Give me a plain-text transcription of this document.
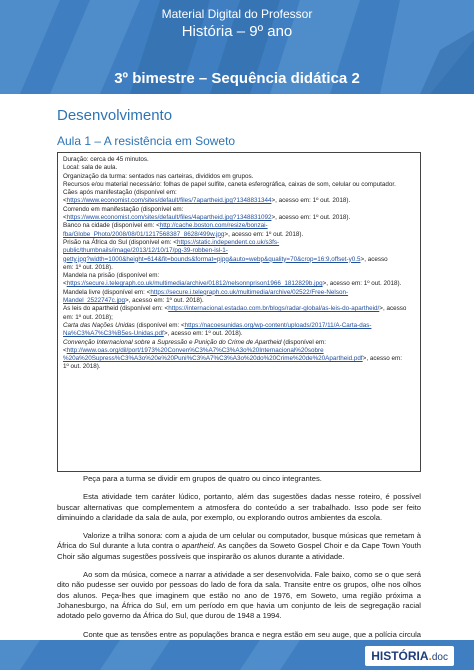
Material Digital do Professor
História – 9º ano
3º bimestre – Sequência didática 2
Desenvolvimento
Aula 1 – A resistência em Soweto

Duração: cerca de 45 minutos.

Local: sala de aula.

Organização da turma: sentados nas carteiras, divididos em grupos.

Recursos e/ou material necessário: folhas de papel sulfite, caneta esferográfica, caixas de som, celular ou computador.

Cães após manifestação (disponível em:

<https://www.economist.com/sites/default/files/7apartheid.jpg?1348831344>, acesso em: 1º out. 2018).

Correndo em manifestação (disponível em:

<https://www.economist.com/sites/default/files/4apartheid.jpg?1348831092>, acesso em: 1º out. 2018).

Banco na cidade (disponível em: <http://cache.boston.com/resize/bonzai-

fba/Globe_Photo/2008/08/01/1217568387_8628/499w.jpg>, acesso em: 1º out. 2018).

Prisão na África do Sul (disponível em: <https://static.independent.co.uk/s3fs-

public/thumbnails/image/2013/12/10/17/pg-39-robben-isl-1-

getty.jpg?width=1000&height=614&fit=bounds&format=pjpg&auto=webp&quality=70&crop=16:9,offset-y0.5>, acesso

em: 1º out. 2018).

Mandela na prisão (disponível em:

<https://secure.i.telegraph.co.uk/multimedia/archive/01812/nelsonnprison1966_1812829b.jpg>, acesso em: 1º out. 2018).

Mandela livre (disponível em: <https://secure.i.telegraph.co.uk/multimedia/archive/02522/Free-Nelson-

Mandel_2522747c.jpg>, acesso em: 1º out. 2018).

As leis do apartheid (disponível em: <https://internacional.estadao.com.br/blogs/radar-global/as-leis-do-apartheid/>, acesso em: 1º out. 2018);

Carta das Nações Unidas (disponível em: <https://nacoesunidas.org/wp-content/uploads/2017/11/A-Carta-das-

Na%C3%A7%C3%B5es-Unidas.pdf>, acesso em: 1º out. 2018).

Convenção Internacional sobre a Supressão e Punição do Crime de Apartheid (disponível em:

<http://www.oas.org/dil/port/1973%20Conven%C3%A7%C3%A3o%20Internacional%20sobre

%20a%20Supress%C3%A3o%20e%20Puni%C3%A7%C3%A3o%20do%20Crime%20de%20Apartheid.pdf>, acesso em:

1º out. 2018).

Peça para a turma se dividir em grupos de quatro ou cinco integrantes.

Esta atividade tem caráter lúdico, portanto, além das sugestões dadas nesse roteiro, é possível buscar alternativas que complementem a atmosfera do conteúdo a ser trabalhado. Isso pode ser feito diminuindo a claridade da sala de aula, por exemplo, ou explorando outros ambientes da escola.

Valorize a trilha sonora: com a ajuda de um celular ou computador, busque músicas que remetam à África do Sul durante a luta contra o apartheid. As canções da Soweto Gospel Choir e da Cape Town Youth Choir são algumas sugestões possíveis que inspirarão os alunos durante a atividade.

Ao som da música, comece a narrar a atividade a ser desenvolvida. Fale baixo, como se o que será dito não pudesse ser ouvido por pessoas do lado de fora da sala. Transite entre os grupos, olhe nos olhos dos alunos. Peça-lhes que imaginem que estão no ano de 1976, em Soweto, uma região próxima a Johanesburgo, na África do Sul, em um período em que havia um conjunto de leis de segregação racial adotado pelo governo da África do Sul, que durou de 1948 a 1994.

Conte que as tensões entre as populações branca e negra estão em seu auge, que a polícia circula

HISTÓRIA.doc
